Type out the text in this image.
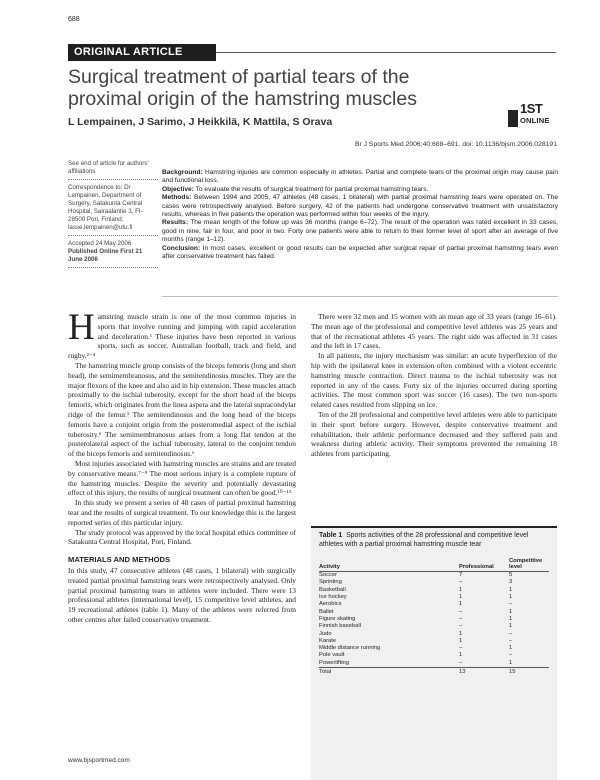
688
ORIGINAL ARTICLE
Surgical treatment of partial tears of the proximal origin of the hamstring muscles
L Lempainen, J Sarimo, J Heikkilä, K Mattila, S Orava
1ST
ONLINE
Br J Sports Med 2006;40:688–691. doi: 10.1136/bjsm.2006.028191

See end of article for authors' affiliations

Correspondence to: Dr Lempainen, Department of Surgery, Satakunta Central Hospital, Sairaalantie 3, FI-28500 Pori, Finland; lasse.lempainen@utu.fi

Accepted 24 May 2006

Published Online First 21 June 2006

Background: Hamstring injuries are common especially in athletes. Partial and complete tears of the proximal origin may cause pain and functional loss.

Objective: To evaluate the results of surgical treatment for partial proximal hamstring tears.

Methods: Between 1994 and 2005, 47 athletes (48 cases, 1 bilateral) with partial proximal hamstring tears were operated on. The cases were retrospectively analysed. Before surgery, 42 of the patients had undergone conservative treatment with unsatisfactory results, whereas in five patients the operation was performed within four weeks of the injury.

Results: The mean length of the follow up was 36 months (range 6–72). The result of the operation was rated excellent in 33 cases, good in nine, fair in four, and poor in two. Forty one patients were able to return to their former level of sport after an average of five months (range 1–12).

Conclusion: In most cases, excellent or good results can be expected after surgical repair of partial proximal hamstring tears even after conservative treatment has failed.

Hamstring muscle strain is one of the most common injuries in sports that involve running and jumping with rapid acceleration and deceleration.¹ These injuries have been reported in various sports, such as soccer, Australian football, track and field, and rugby.²⁻⁴

The hamstring muscle group consists of the biceps femoris (long and short head), the semimembranosus, and the semitendinosus muscles. They are the major flexors of the knee and also aid in hip extension. These muscles attach proximally to the ischial tuberosity, except for the short head of the biceps femoris, which originates from the linea aspera and the lateral supracondylar ridge of the femur.⁵ The semitendinosus and the long head of the biceps femoris have a conjoint origin from the posteromedial aspect of the ischial tuberosity.⁶ The semimembranosus arises from a long flat tendon at the posterolateral aspect of the ischial tuberosity, lateral to the conjoint tendon of the biceps femoris and semitendinosus.⁶

Most injuries associated with hamstring muscles are strains and are treated by conservative means.⁷⁻⁹ The most serious injury is a complete rupture of the hamstring muscles. Despite the severity and potentially devastating effect of this injury, the results of surgical treatment can often be good.¹⁰⁻¹³

In this study we present a series of 48 cases of partial proximal hamstring tear and the results of surgical treatment. To our knowledge this is the largest reported series of this particular injury.

The study protocol was approved by the local hospital ethics committee of Satakunta Central Hospital, Pori, Finland.

MATERIALS AND METHODS

In this study, 47 consecutive athletes (48 cases, 1 bilateral) with surgically treated partial proximal hamstring tears were retrospectively analysed. Only partial proximal hamstring tears in athletes were included. There were 13 professional athletes (international level), 15 competitive level athletes, and 19 recreational athletes (table 1). Many of the athletes were referred from other centres after failed conservative treatment.

There were 32 men and 15 women with an mean age of 33 years (range 16–61). The mean age of the professional and competitive level athletes was 25 years and that of the recreational athletes 45 years. The right side was affected in 31 cases and the left in 17 cases.

In all patients, the injury mechanism was similar: an acute hyperflexion of the hip with the ipsilateral knee in extension often combined with a violent eccentric hamstring muscle contraction. Direct trauma to the ischial tuberosity was not reported in any of the cases. Forty six of the injuries occurred during sporting activities. The most common sport was soccer (16 cases). The two non-sports related cases resulted from slipping on ice.

Ten of the 28 professional and competitive level athletes were able to participate in their sport before surgery. However, despite conservative treatment and rehabilitation, their athletic performance decreased and they suffered pain and weakness during athletic activity. Their symptoms prevented the remaining 18 athletes from participating.

Table 1 Sports activities of the 28 professional and competitive level athletes with a partial proximal hamstring muscle tear
Activity	Professional	Competitive level
Soccer	7	5
Sprinting	–	3
Basketball	1	1
Ice hockey	1	1
Aerobics	1	–
Ballet	–	1
Figure skating	–	1
Finnish baseball	–	1
Judo	1	–
Karate	1	–
Middle distance running	–	1
Pole vault	1	–
Powerlifting	–	1
Total	13	15
www.bjsportmed.com
